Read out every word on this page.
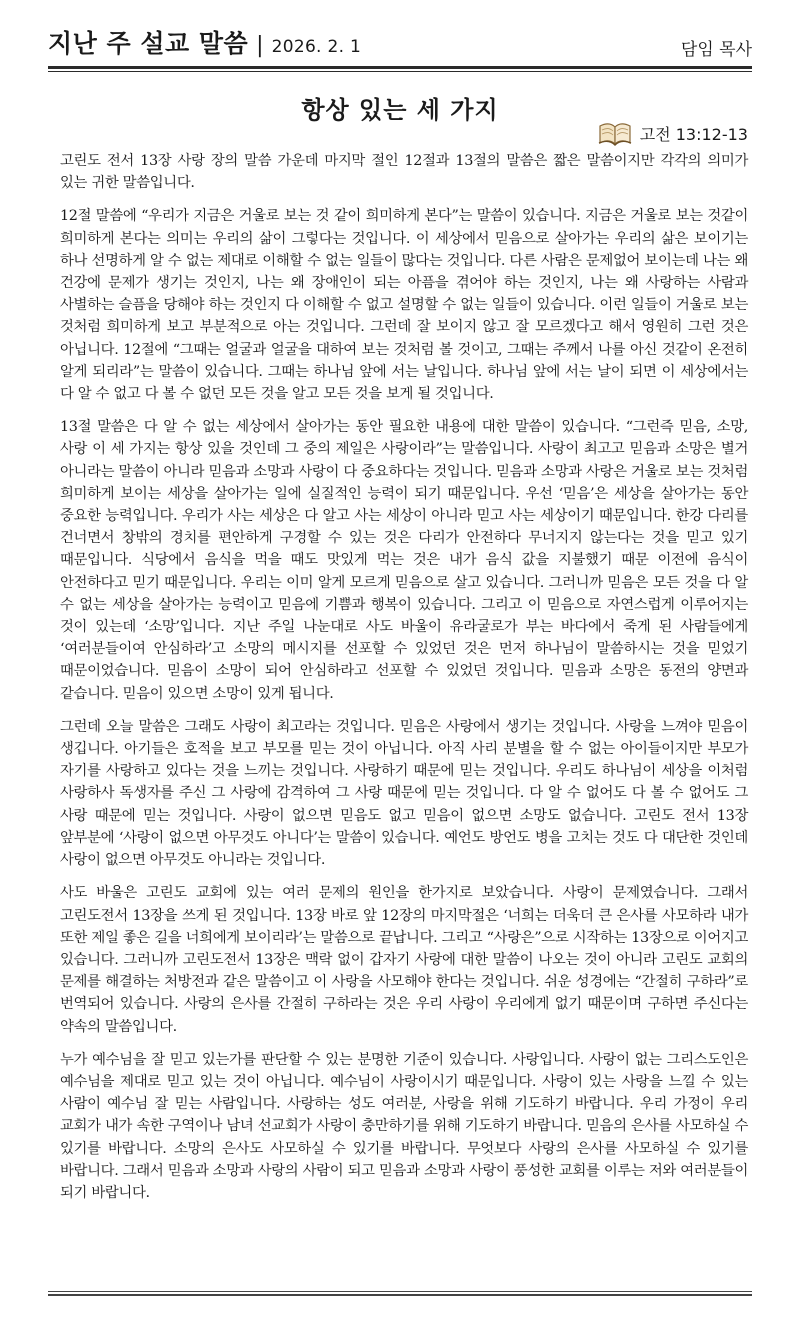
지난 주 설교 말씀 | 2026. 2. 1	담임 목사
항상 있는 세 가지
고전 13:12-13

고린도 전서 13장 사랑 장의 말씀 가운데 마지막 절인 12절과 13절의 말씀은 짧은 말씀이지만 각각의 의미가 있는 귀한 말씀입니다.

12절 말씀에 “우리가 지금은 거울로 보는 것 같이 희미하게 본다”는 말씀이 있습니다. 지금은 거울로 보는 것같이 희미하게 본다는 의미는 우리의 삶이 그렇다는 것입니다. 이 세상에서 믿음으로 살아가는 우리의 삶은 보이기는 하나 선명하게 알 수 없는 제대로 이해할 수 없는 일들이 많다는 것입니다. 다른 사람은 문제없어 보이는데 나는 왜 건강에 문제가 생기는 것인지, 나는 왜 장애인이 되는 아픔을 겪어야 하는 것인지, 나는 왜 사랑하는 사람과 사별하는 슬픔을 당해야 하는 것인지 다 이해할 수 없고 설명할 수 없는 일들이 있습니다. 이런 일들이 거울로 보는 것처럼 희미하게 보고 부분적으로 아는 것입니다. 그런데 잘 보이지 않고 잘 모르겠다고 해서 영원히 그런 것은 아닙니다. 12절에 “그때는 얼굴과 얼굴을 대하여 보는 것처럼 볼 것이고, 그때는 주께서 나를 아신 것같이 온전히 알게 되리라”는 말씀이 있습니다. 그때는 하나님 앞에 서는 날입니다. 하나님 앞에 서는 날이 되면 이 세상에서는 다 알 수 없고 다 볼 수 없던 모든 것을 알고 모든 것을 보게 될 것입니다.

13절 말씀은 다 알 수 없는 세상에서 살아가는 동안 필요한 내용에 대한 말씀이 있습니다. “그런즉 믿음, 소망, 사랑 이 세 가지는 항상 있을 것인데 그 중의 제일은 사랑이라”는 말씀입니다. 사랑이 최고고 믿음과 소망은 별거 아니라는 말씀이 아니라 믿음과 소망과 사랑이 다 중요하다는 것입니다. 믿음과 소망과 사랑은 거울로 보는 것처럼 희미하게 보이는 세상을 살아가는 일에 실질적인 능력이 되기 때문입니다. 우선 ‘믿음’은 세상을 살아가는 동안 중요한 능력입니다. 우리가 사는 세상은 다 알고 사는 세상이 아니라 믿고 사는 세상이기 때문입니다. 한강 다리를 건너면서 창밖의 경치를 편안하게 구경할 수 있는 것은 다리가 안전하다 무너지지 않는다는 것을 믿고 있기 때문입니다. 식당에서 음식을 먹을 때도 맛있게 먹는 것은 내가 음식 값을 지불했기 때문 이전에 음식이 안전하다고 믿기 때문입니다. 우리는 이미 알게 모르게 믿음으로 살고 있습니다. 그러니까 믿음은 모든 것을 다 알 수 없는 세상을 살아가는 능력이고 믿음에 기쁨과 행복이 있습니다. 그리고 이 믿음으로 자연스럽게 이루어지는 것이 있는데 ‘소망’입니다. 지난 주일 나눈대로 사도 바울이 유라굴로가 부는 바다에서 죽게 된 사람들에게 ‘여러분들이여 안심하라’고 소망의 메시지를 선포할 수 있었던 것은 먼저 하나님이 말씀하시는 것을 믿었기 때문이었습니다. 믿음이 소망이 되어 안심하라고 선포할 수 있었던 것입니다. 믿음과 소망은 동전의 양면과 같습니다. 믿음이 있으면 소망이 있게 됩니다.

그런데 오늘 말씀은 그래도 사랑이 최고라는 것입니다. 믿음은 사랑에서 생기는 것입니다. 사랑을 느껴야 믿음이 생깁니다. 아기들은 호적을 보고 부모를 믿는 것이 아닙니다. 아직 사리 분별을 할 수 없는 아이들이지만 부모가 자기를 사랑하고 있다는 것을 느끼는 것입니다. 사랑하기 때문에 믿는 것입니다. 우리도 하나님이 세상을 이처럼 사랑하사 독생자를 주신 그 사랑에 감격하여 그 사랑 때문에 믿는 것입니다. 다 알 수 없어도 다 볼 수 없어도 그 사랑 때문에 믿는 것입니다. 사랑이 없으면 믿음도 없고 믿음이 없으면 소망도 없습니다. 고린도 전서 13장 앞부분에 ‘사랑이 없으면 아무것도 아니다’는 말씀이 있습니다. 예언도 방언도 병을 고치는 것도 다 대단한 것인데 사랑이 없으면 아무것도 아니라는 것입니다.

사도 바울은 고린도 교회에 있는 여러 문제의 원인을 한가지로 보았습니다. 사랑이 문제였습니다. 그래서 고린도전서 13장을 쓰게 된 것입니다. 13장 바로 앞 12장의 마지막절은 ‘너희는 더욱더 큰 은사를 사모하라 내가 또한 제일 좋은 길을 너희에게 보이리라’는 말씀으로 끝납니다. 그리고 “사랑은”으로 시작하는 13장으로 이어지고 있습니다. 그러니까 고린도전서 13장은 맥락 없이 갑자기 사랑에 대한 말씀이 나오는 것이 아니라 고린도 교회의 문제를 해결하는 처방전과 같은 말씀이고 이 사랑을 사모해야 한다는 것입니다. 쉬운 성경에는 “간절히 구하라”로 번역되어 있습니다. 사랑의 은사를 간절히 구하라는 것은 우리 사랑이 우리에게 없기 때문이며 구하면 주신다는 약속의 말씀입니다.

누가 예수님을 잘 믿고 있는가를 판단할 수 있는 분명한 기준이 있습니다. 사랑입니다. 사랑이 없는 그리스도인은 예수님을 제대로 믿고 있는 것이 아닙니다. 예수님이 사랑이시기 때문입니다. 사랑이 있는 사랑을 느낄 수 있는 사람이 예수님 잘 믿는 사람입니다. 사랑하는 성도 여러분, 사랑을 위해 기도하기 바랍니다. 우리 가정이 우리 교회가 내가 속한 구역이나 남녀 선교회가 사랑이 충만하기를 위해 기도하기 바랍니다. 믿음의 은사를 사모하실 수 있기를 바랍니다. 소망의 은사도 사모하실 수 있기를 바랍니다. 무엇보다 사랑의 은사를 사모하실 수 있기를 바랍니다. 그래서 믿음과 소망과 사랑의 사람이 되고 믿음과 소망과 사랑이 풍성한 교회를 이루는 저와 여러분들이 되기 바랍니다.
